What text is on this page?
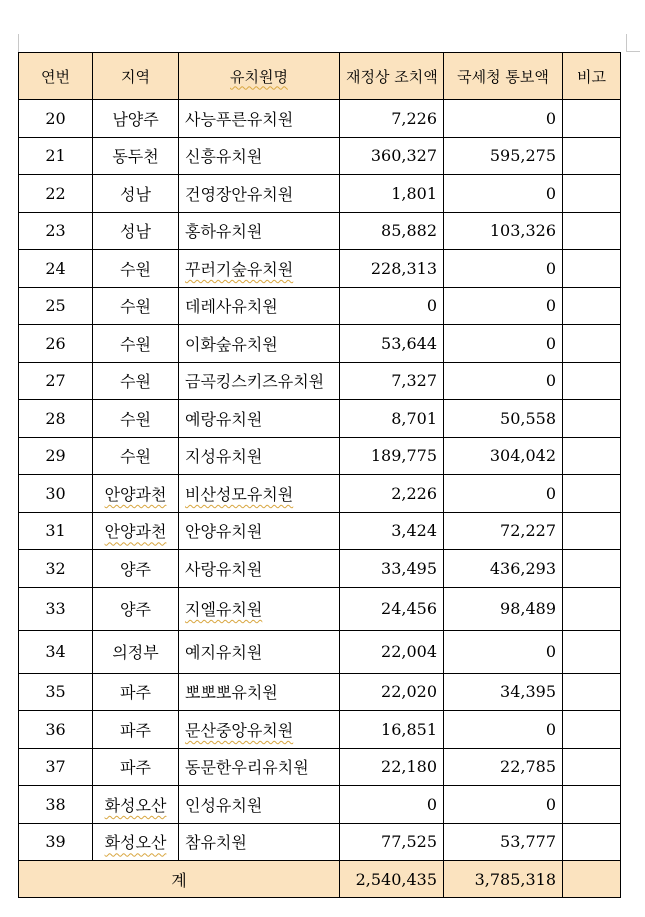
연번	지역	유치원명	재정상 조치액	국세청 통보액	비고
20	남양주	사능푸른유치원	7,226	0	
21	동두천	신흥유치원	360,327	595,275	
22	성남	건영장안유치원	1,801	0	
23	성남	홍하유치원	85,882	103,326	
24	수원	꾸러기숲유치원	228,313	0	
25	수원	데레사유치원	0	0	
26	수원	이화숲유치원	53,644	0	
27	수원	금곡킹스키즈유치원	7,327	0	
28	수원	예랑유치원	8,701	50,558	
29	수원	지성유치원	189,775	304,042	
30	안양과천	비산성모유치원	2,226	0	
31	안양과천	안양유치원	3,424	72,227	
32	양주	사랑유치원	33,495	436,293	
33	양주	지엘유치원	24,456	98,489	
34	의정부	예지유치원	22,004	0	
35	파주	뽀뽀뽀유치원	22,020	34,395	
36	파주	문산중앙유치원	16,851	0	
37	파주	동문한우리유치원	22,180	22,785	
38	화성오산	인성유치원	0	0	
39	화성오산	참유치원	77,525	53,777	
계			2,540,435	3,785,318	
